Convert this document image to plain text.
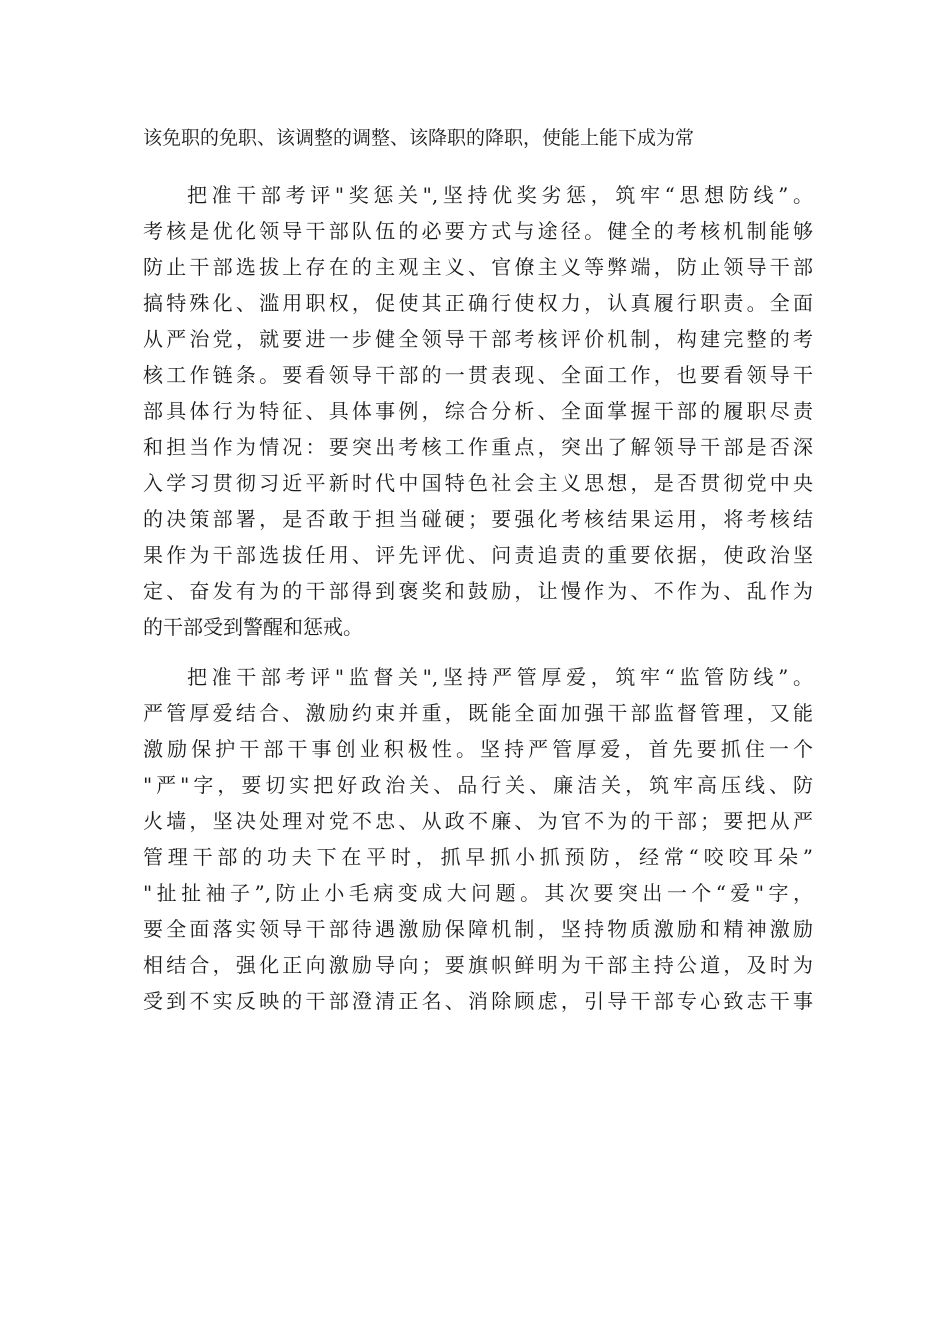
该免职的免职、该调整的调整、该降职的降职，使能上能下成为常

把准干部考评"奖惩关",坚持优奖劣惩，筑牢“思想防线”。

考核是优化领导干部队伍的必要方式与途径。健全的考核机制能够

防止干部选拔上存在的主观主义、官僚主义等弊端，防止领导干部

搞特殊化、滥用职权，促使其正确行使权力，认真履行职责。全面

从严治党，就要进一步健全领导干部考核评价机制，构建完整的考

核工作链条。要看领导干部的一贯表现、全面工作，也要看领导干

部具体行为特征、具体事例，综合分析、全面掌握干部的履职尽责

和担当作为情况：要突出考核工作重点，突出了解领导干部是否深

入学习贯彻习近平新时代中国特色社会主义思想，是否贯彻党中央

的决策部署，是否敢于担当碰硬；要强化考核结果运用，将考核结

果作为干部选拔任用、评先评优、问责追责的重要依据，使政治坚

定、奋发有为的干部得到褒奖和鼓励，让慢作为、不作为、乱作为

的干部受到警醒和惩戒。

把准干部考评"监督关",坚持严管厚爱，筑牢“监管防线”。

严管厚爱结合、激励约束并重，既能全面加强干部监督管理，又能

激励保护干部干事创业积极性。坚持严管厚爱，首先要抓住一个

"严"字，要切实把好政治关、品行关、廉洁关，筑牢高压线、防

火墙，坚决处理对党不忠、从政不廉、为官不为的干部；要把从严

管理干部的功夫下在平时，抓早抓小抓预防，经常“咬咬耳朵”

"扯扯袖子”,防止小毛病变成大问题。其次要突出一个“爱"字，

要全面落实领导干部待遇激励保障机制，坚持物质激励和精神激励

相结合，强化正向激励导向；要旗帜鲜明为干部主持公道，及时为

受到不实反映的干部澄清正名、消除顾虑，引导干部专心致志干事
